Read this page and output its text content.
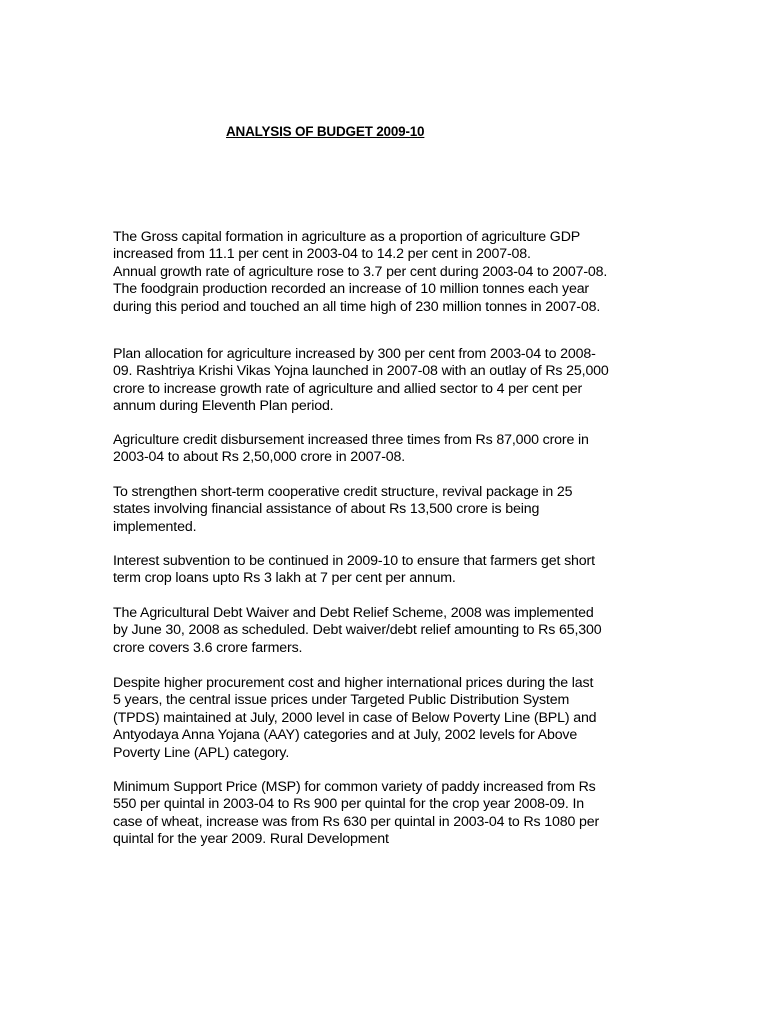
ANALYSIS OF BUDGET 2009-10
The Gross capital formation in agriculture as a proportion of agriculture GDP
increased from 11.1 per cent in 2003-04 to 14.2 per cent in 2007-08.
Annual growth rate of agriculture rose to 3.7 per cent during 2003-04 to 2007-08.
The foodgrain production recorded an increase of 10 million tonnes each year
during this period and touched an all time high of 230 million tonnes in 2007-08.
Plan allocation for agriculture increased by 300 per cent from 2003-04 to 2008-
09. Rashtriya Krishi Vikas Yojna launched in 2007-08 with an outlay of Rs 25,000
crore to increase growth rate of agriculture and allied sector to 4 per cent per
annum during Eleventh Plan period.
Agriculture credit disbursement increased three times from Rs 87,000 crore in
2003-04 to about Rs 2,50,000 crore in 2007-08.
To strengthen short-term cooperative credit structure, revival package in 25
states involving financial assistance of about Rs 13,500 crore is being
implemented.
Interest subvention to be continued in 2009-10 to ensure that farmers get short
term crop loans upto Rs 3 lakh at 7 per cent per annum.
The Agricultural Debt Waiver and Debt Relief Scheme, 2008 was implemented
by June 30, 2008 as scheduled. Debt waiver/debt relief amounting to Rs 65,300
crore covers 3.6 crore farmers.
Despite higher procurement cost and higher international prices during the last
5 years, the central issue prices under Targeted Public Distribution System
(TPDS) maintained at July, 2000 level in case of Below Poverty Line (BPL) and
Antyodaya Anna Yojana (AAY) categories and at July, 2002 levels for Above
Poverty Line (APL) category.
Minimum Support Price (MSP) for common variety of paddy increased from Rs
550 per quintal in 2003-04 to Rs 900 per quintal for the crop year 2008-09. In
case of wheat, increase was from Rs 630 per quintal in 2003-04 to Rs 1080 per
quintal for the year 2009. Rural Development
